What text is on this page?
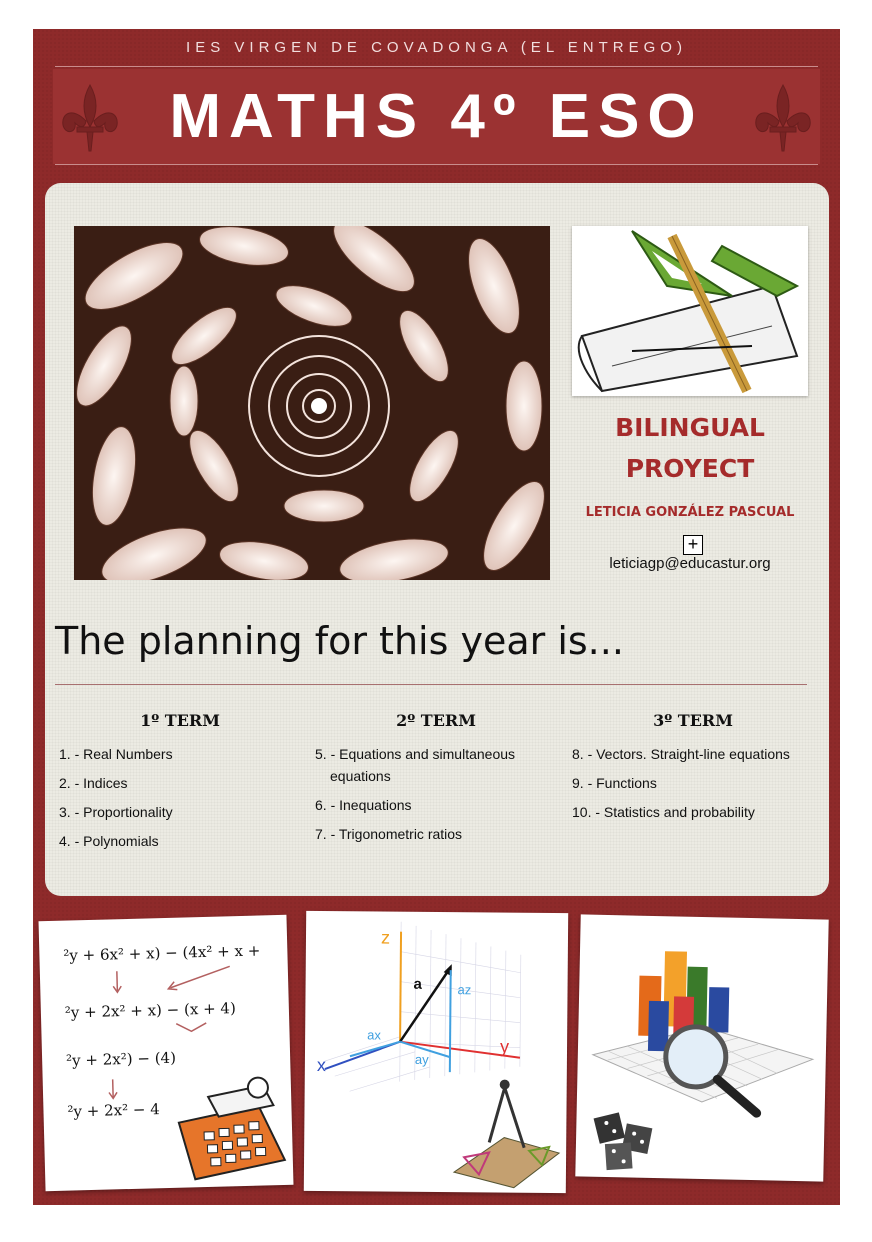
IES VIRGEN DE COVADONGA (EL ENTREGO)
MATHS 4º ESO
BILINGUAL
PROYECT
LETICIA GONZÁLEZ PASCUAL
+
leticiagp@educastur.org
The planning for this year is...
1º TERM
1. - Real Numbers
2. - Indices
3. - Proportionality
4. - Polynomials
2º TERM
5. - Equations and simultaneous equations
6. - Inequations
7. - Trigonometric ratios
3º TERM
8. - Vectors. Straight-line equations
9. - Functions
10. - Statistics and probability
²y + 6x² + x) − (4x² + x +
²y + 2x² + x) − (x + 4)
²y + 2x²) − (4)
²y + 2x² − 4
z
x
y
a	az
ax
ay
